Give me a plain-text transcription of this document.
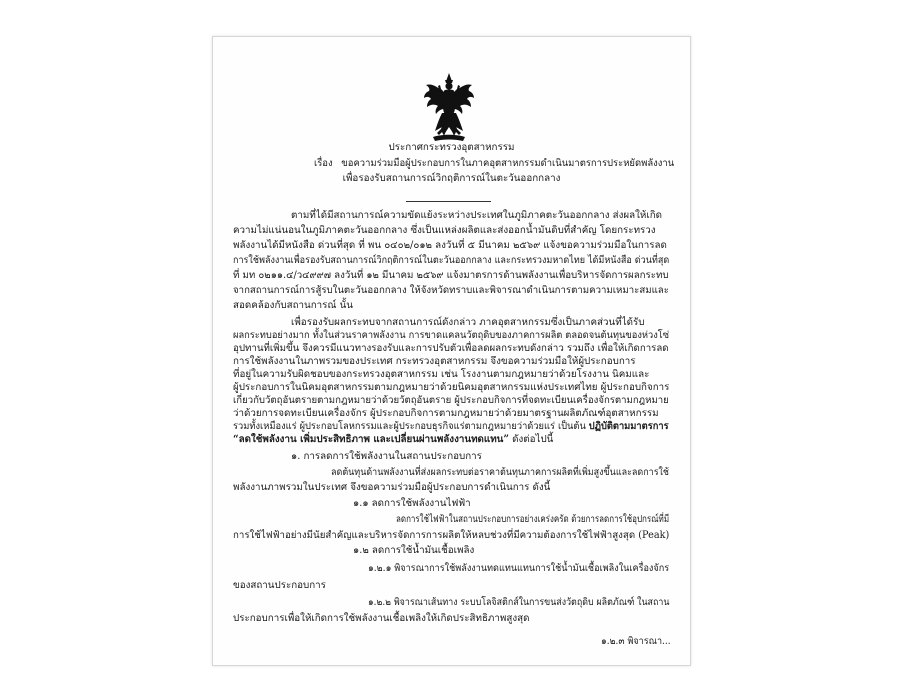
ประกาศกระทรวงอุตสาหกรรม
เรื่อง ขอความร่วมมือผู้ประกอบการในภาคอุตสาหกรรมดำเนินมาตรการประหยัดพลังงาน
เพื่อรองรับสถานการณ์วิกฤติการณ์ในตะวันออกกลาง
ตามที่ได้มีสถานการณ์ความขัดแย้งระหว่างประเทศในภูมิภาคตะวันออกกลาง ส่งผลให้เกิด
ความไม่แน่นอนในภูมิภาคตะวันออกกลาง ซึ่งเป็นแหล่งผลิตและส่งออกน้ำมันดิบที่สำคัญ โดยกระทรวง
พลังงานได้มีหนังสือ ด่วนที่สุด ที่ พน ๐๔๐๒/๐๑๒ ลงวันที่ ๕ มีนาคม ๒๕๖๙ แจ้งขอความร่วมมือในการลด
การใช้พลังงานเพื่อรองรับสถานการณ์วิกฤติการณ์ในตะวันออกกลาง และกระทรวงมหาดไทย ได้มีหนังสือ ด่วนที่สุด
ที่ มท ๐๒๑๑.๔/ว๔๙๙๗ ลงวันที่ ๑๒ มีนาคม ๒๕๖๙ แจ้งมาตรการด้านพลังงานเพื่อบริหารจัดการผลกระทบ
จากสถานการณ์การสู้รบในตะวันออกกลาง ให้จังหวัดทราบและพิจารณาดำเนินการตามความเหมาะสมและ
สอดคล้องกับสถานการณ์ นั้น
เพื่อรองรับผลกระทบจากสถานการณ์ดังกล่าว ภาคอุตสาหกรรมซึ่งเป็นภาคส่วนที่ได้รับ
ผลกระทบอย่างมาก ทั้งในส่วนราคาพลังงาน การขาดแคลนวัตถุดิบของภาคการผลิต ตลอดจนต้นทุนของห่วงโซ่
อุปทานที่เพิ่มขึ้น จึงควรมีแนวทางรองรับและการปรับตัวเพื่อลดผลกระทบดังกล่าว รวมถึง เพื่อให้เกิดการลด
การใช้พลังงานในภาพรวมของประเทศ กระทรวงอุตสาหกรรม จึงขอความร่วมมือให้ผู้ประกอบการ
ที่อยู่ในความรับผิดชอบของกระทรวงอุตสาหกรรม เช่น โรงงานตามกฎหมายว่าด้วยโรงงาน นิคมและ
ผู้ประกอบการในนิคมอุตสาหกรรมตามกฎหมายว่าด้วยนิคมอุตสาหกรรมแห่งประเทศไทย ผู้ประกอบกิจการ
เกี่ยวกับวัตถุอันตรายตามกฎหมายว่าด้วยวัตถุอันตราย ผู้ประกอบกิจการที่จดทะเบียนเครื่องจักรตามกฎหมาย
ว่าด้วยการจดทะเบียนเครื่องจักร ผู้ประกอบกิจการตามกฎหมายว่าด้วยมาตรฐานผลิตภัณฑ์อุตสาหกรรม
รวมทั้งเหมืองแร่ ผู้ประกอบโลหกรรมและผู้ประกอบธุรกิจแร่ตามกฎหมายว่าด้วยแร่ เป็นต้น ปฏิบัติตามมาตรการ
“ลดใช้พลังงาน เพิ่มประสิทธิภาพ และเปลี่ยนผ่านพลังงานทดแทน” ดังต่อไปนี้
๑. การลดการใช้พลังงานในสถานประกอบการ
ลดต้นทุนด้านพลังงานที่ส่งผลกระทบต่อราคาต้นทุนภาคการผลิตที่เพิ่มสูงขึ้นและลดการใช้
พลังงานภาพรวมในประเทศ จึงขอความร่วมมือผู้ประกอบการดำเนินการ ดังนี้
๑.๑ ลดการใช้พลังงานไฟฟ้า
ลดการใช้ไฟฟ้าในสถานประกอบการอย่างเคร่งครัด ด้วยการลดการใช้อุปกรณ์ที่มี
การใช้ไฟฟ้าอย่างมีนัยสำคัญและบริหารจัดการการผลิตให้หลบช่วงที่มีความต้องการใช้ไฟฟ้าสูงสุด (Peak)
๑.๒ ลดการใช้น้ำมันเชื้อเพลิง
๑.๒.๑ พิจารณาการใช้พลังงานทดแทนแทนการใช้น้ำมันเชื้อเพลิงในเครื่องจักร
ของสถานประกอบการ
๑.๒.๒ พิจารณาเส้นทาง ระบบโลจิสติกส์ในการขนส่งวัตถุดิบ ผลิตภัณฑ์ ในสถาน
ประกอบการเพื่อให้เกิดการใช้พลังงานเชื้อเพลิงให้เกิดประสิทธิภาพสูงสุด
๑.๒.๓ พิจารณา...
